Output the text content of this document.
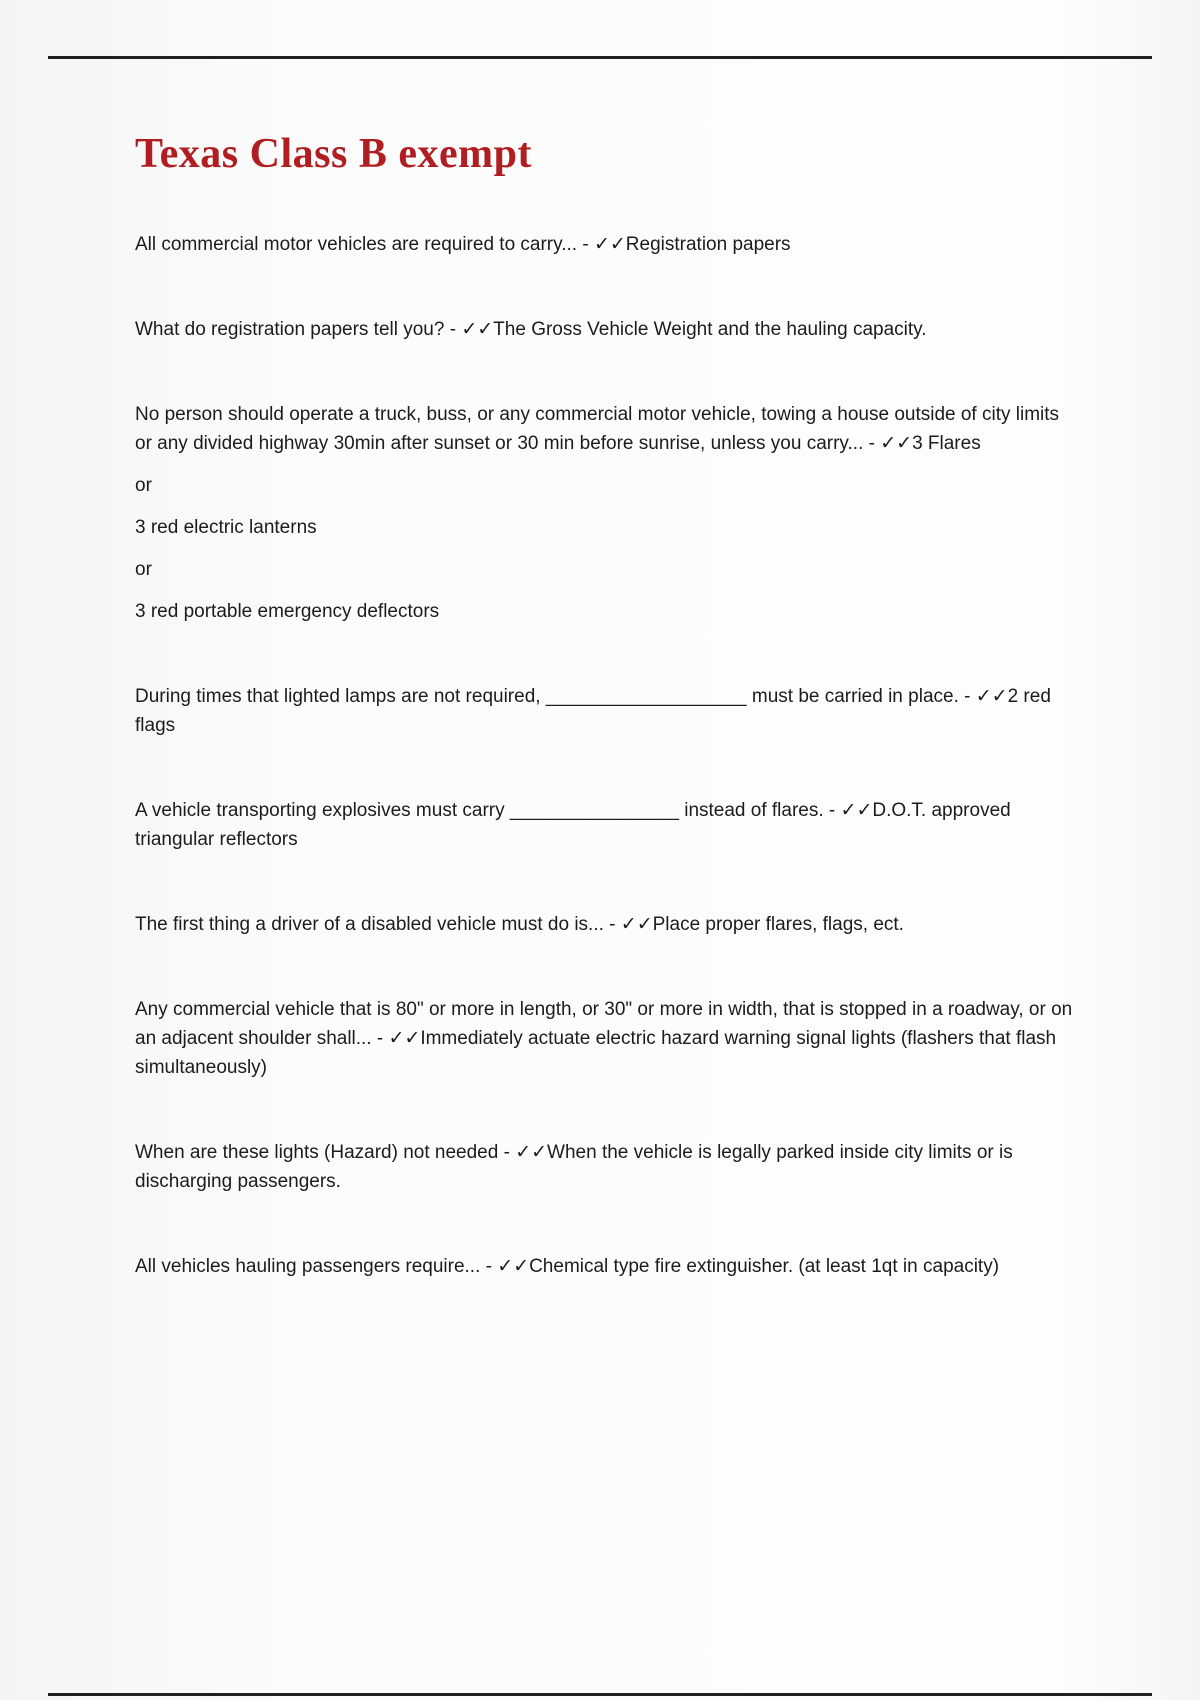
Texas Class B exempt

All commercial motor vehicles are required to carry... - ✓✓Registration papers

What do registration papers tell you? - ✓✓The Gross Vehicle Weight and the hauling capacity.

No person should operate a truck, buss, or any commercial motor vehicle, towing a house outside of city limits or any divided highway 30min after sunset or 30 min before sunrise, unless you carry... - ✓✓3 Flares

or

3 red electric lanterns

or

3 red portable emergency deflectors

During times that lighted lamps are not required, ___________________ must be carried in place. - ✓✓2 red flags

A vehicle transporting explosives must carry ________________ instead of flares. - ✓✓D.O.T. approved triangular reflectors

The first thing a driver of a disabled vehicle must do is... - ✓✓Place proper flares, flags, ect.

Any commercial vehicle that is 80" or more in length, or 30" or more in width, that is stopped in a roadway, or on an adjacent shoulder shall... - ✓✓Immediately actuate electric hazard warning signal lights (flashers that flash simultaneously)

When are these lights (Hazard) not needed - ✓✓When the vehicle is legally parked inside city limits or is discharging passengers.

All vehicles hauling passengers require... - ✓✓Chemical type fire extinguisher. (at least 1qt in capacity)
